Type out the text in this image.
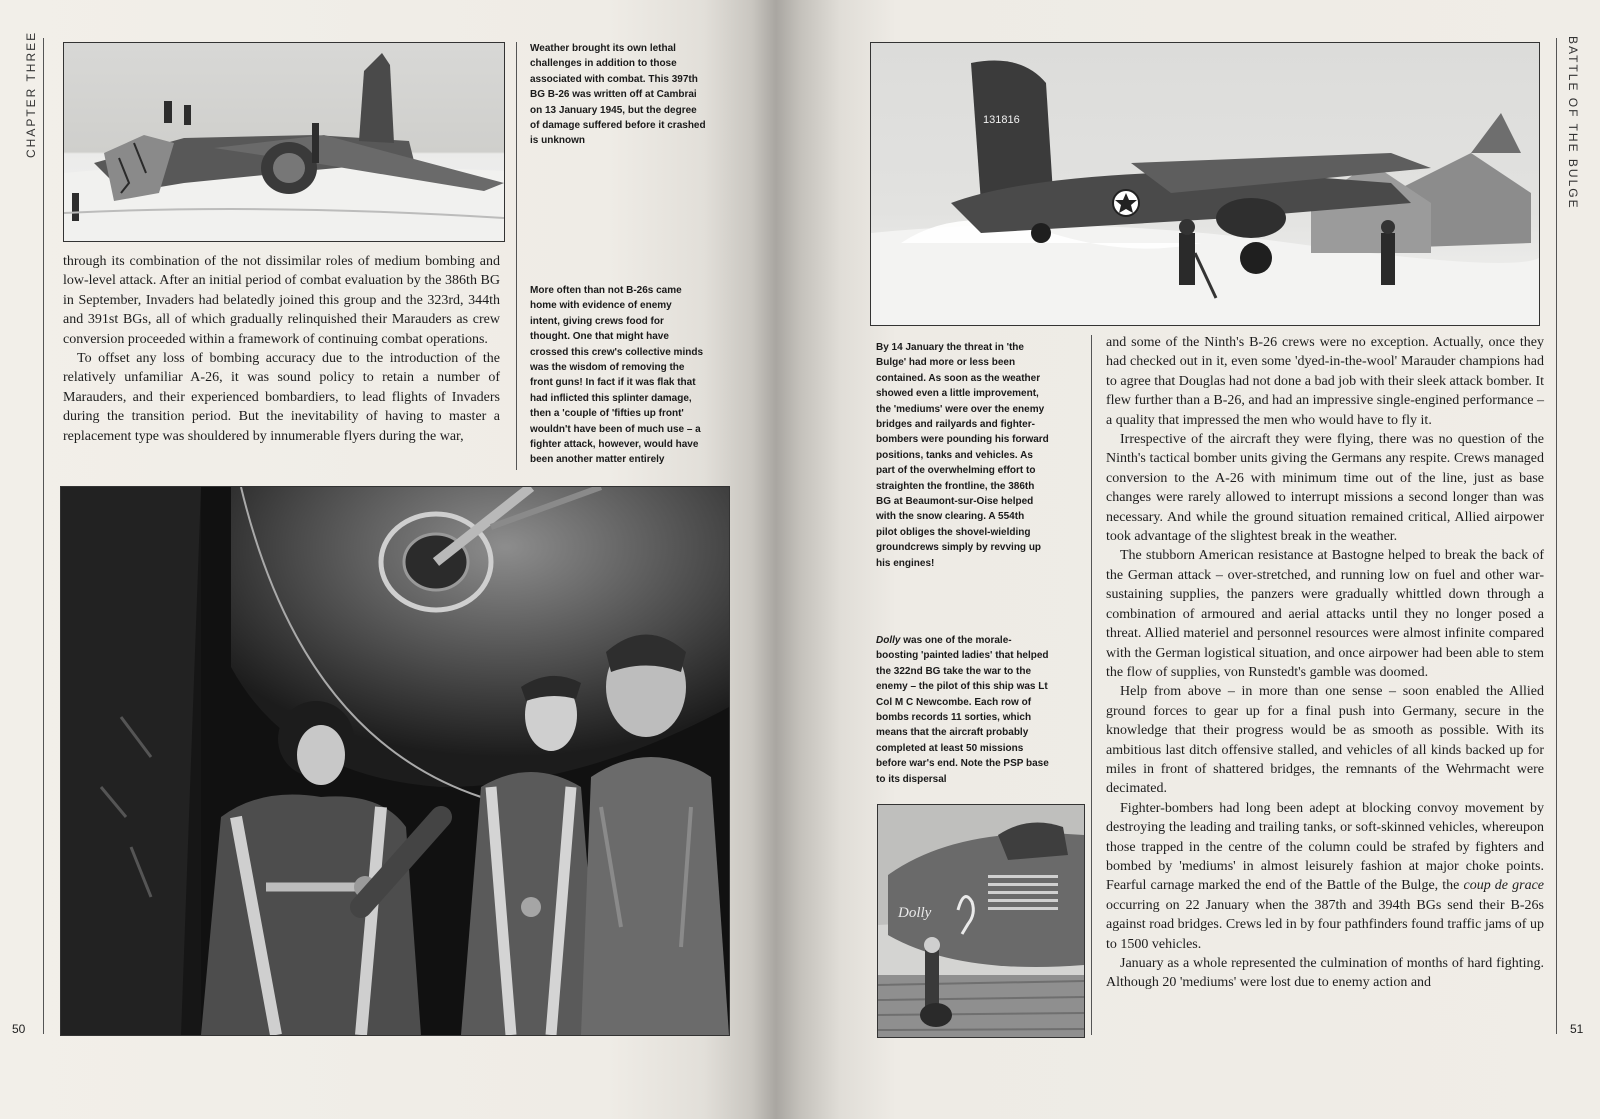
CHAPTER THREE	BATTLE OF THE BULGE
50	51
Weather brought its own lethal
challenges in addition to those
associated with combat. This 397th
BG B-26 was written off at Cambrai
on 13 January 1945, but the degree
of damage suffered before it crashed
is unknown
More often than not B-26s came
home with evidence of enemy
intent, giving crews food for
thought. One that might have
crossed this crew's collective minds
was the wisdom of removing the
front guns! In fact if it was flak that
had inflicted this splinter damage,
then a 'couple of 'fifties up front'
wouldn't have been of much use – a
fighter attack, however, would have
been another matter entirely

through its combination of the not dissimilar roles of medium bombing and low-level attack. After an initial period of combat evaluation by the 386th BG in September, Invaders had belatedly joined this group and the 323rd, 344th and 391st BGs, all of which gradually relinquished their Marauders as crew conversion proceeded within a framework of continuing combat operations.

To offset any loss of bombing accuracy due to the introduction of the relatively unfamiliar A-26, it was sound policy to retain a number of Marauders, and their experienced bombardiers, to lead flights of Invaders during the transition period. But the inevitability of having to master a replacement type was shouldered by innumerable flyers during the war,

131816
By 14 January the threat in 'the
Bulge' had more or less been
contained. As soon as the weather
showed even a little improvement,
the 'mediums' were over the enemy
bridges and railyards and fighter-
bombers were pounding his forward
positions, tanks and vehicles. As
part of the overwhelming effort to
straighten the frontline, the 386th
BG at Beaumont-sur-Oise helped
with the snow clearing. A 554th
pilot obliges the shovel-wielding
groundcrews simply by revving up
his engines!
Dolly was one of the morale-
boosting 'painted ladies' that helped
the 322nd BG take the war to the
enemy – the pilot of this ship was Lt
Col M C Newcombe. Each row of
bombs records 11 sorties, which
means that the aircraft probably
completed at least 50 missions
before war's end. Note the PSP base
to its dispersal
Dolly

and some of the Ninth's B-26 crews were no exception. Actually, once they had checked out in it, even some 'dyed-in-the-wool' Marauder champions had to agree that Douglas had not done a bad job with their sleek attack bomber. It flew further than a B-26, and had an impressive single-engined performance – a quality that impressed the men who would have to fly it.

Irrespective of the aircraft they were flying, there was no question of the Ninth's tactical bomber units giving the Germans any respite. Crews managed conversion to the A-26 with minimum time out of the line, just as base changes were rarely allowed to interrupt missions a second longer than was necessary. And while the ground situation remained critical, Allied airpower took advantage of the slightest break in the weather.

The stubborn American resistance at Bastogne helped to break the back of the German attack – over-stretched, and running low on fuel and other war-sustaining supplies, the panzers were gradually whittled down through a combination of armoured and aerial attacks until they no longer posed a threat. Allied materiel and personnel resources were almost infinite compared with the German logistical situation, and once airpower had been able to stem the flow of supplies, von Runstedt's gamble was doomed.

Help from above – in more than one sense – soon enabled the Allied ground forces to gear up for a final push into Germany, secure in the knowledge that their progress would be as smooth as possible. With its ambitious last ditch offensive stalled, and vehicles of all kinds backed up for miles in front of shattered bridges, the remnants of the Wehrmacht were decimated.

Fighter-bombers had long been adept at blocking convoy movement by destroying the leading and trailing tanks, or soft-skinned vehicles, whereupon those trapped in the centre of the column could be strafed by fighters and bombed by 'mediums' in almost leisurely fashion at major choke points. Fearful carnage marked the end of the Battle of the Bulge, the coup de grace occurring on 22 January when the 387th and 394th BGs send their B-26s against road bridges. Crews led in by four pathfinders found traffic jams of up to 1500 vehicles.

January as a whole represented the culmination of months of hard fighting. Although 20 'mediums' were lost due to enemy action and
